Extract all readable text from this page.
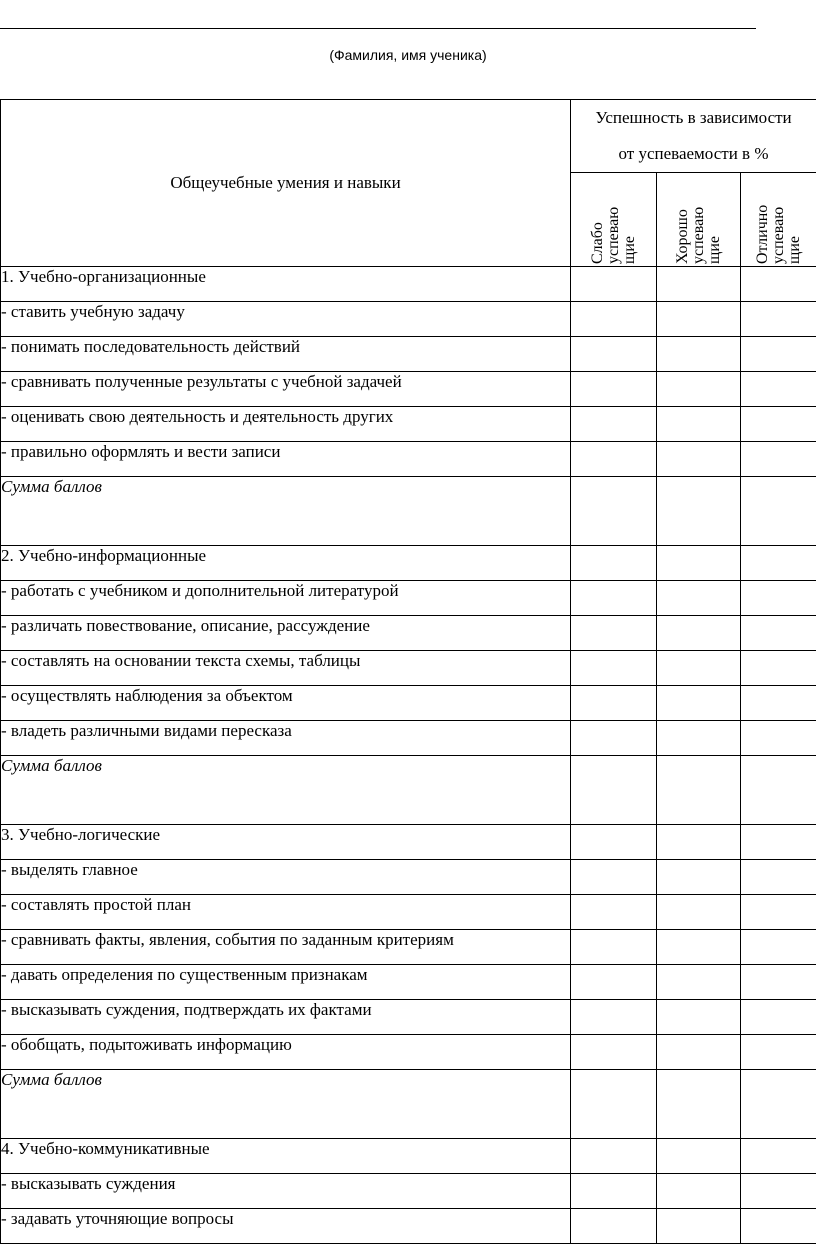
(Фамилия, имя ученика)
Общеучебные умения и навыки	Успешность в зависимости
от успеваемости в %		

	Слабо успеваю щие	Хорошо успеваю щие	Отлично успеваю щие

1. Учебно-организационные			
- ставить учебную задачу			
- понимать последовательность действий			
- сравнивать полученные результаты с учебной задачей			
- оценивать свою деятельность и деятельность других			
- правильно оформлять и вести записи			
Сумма баллов			
2. Учебно-информационные			
- работать с учебником и дополнительной литературой			
- различать повествование, описание, рассуждение			
- составлять на основании текста схемы, таблицы			
- осуществлять наблюдения за объектом			
- владеть различными видами пересказа			
Сумма баллов			
3. Учебно-логические			
- выделять главное			
- составлять простой план			
- сравнивать факты, явления, события по заданным критериям			
- давать определения по существенным признакам			
- высказывать суждения, подтверждать их фактами			
- обобщать, подытоживать информацию			
Сумма баллов			
4. Учебно-коммуникативные			
- высказывать суждения			
- задавать уточняющие вопросы			
